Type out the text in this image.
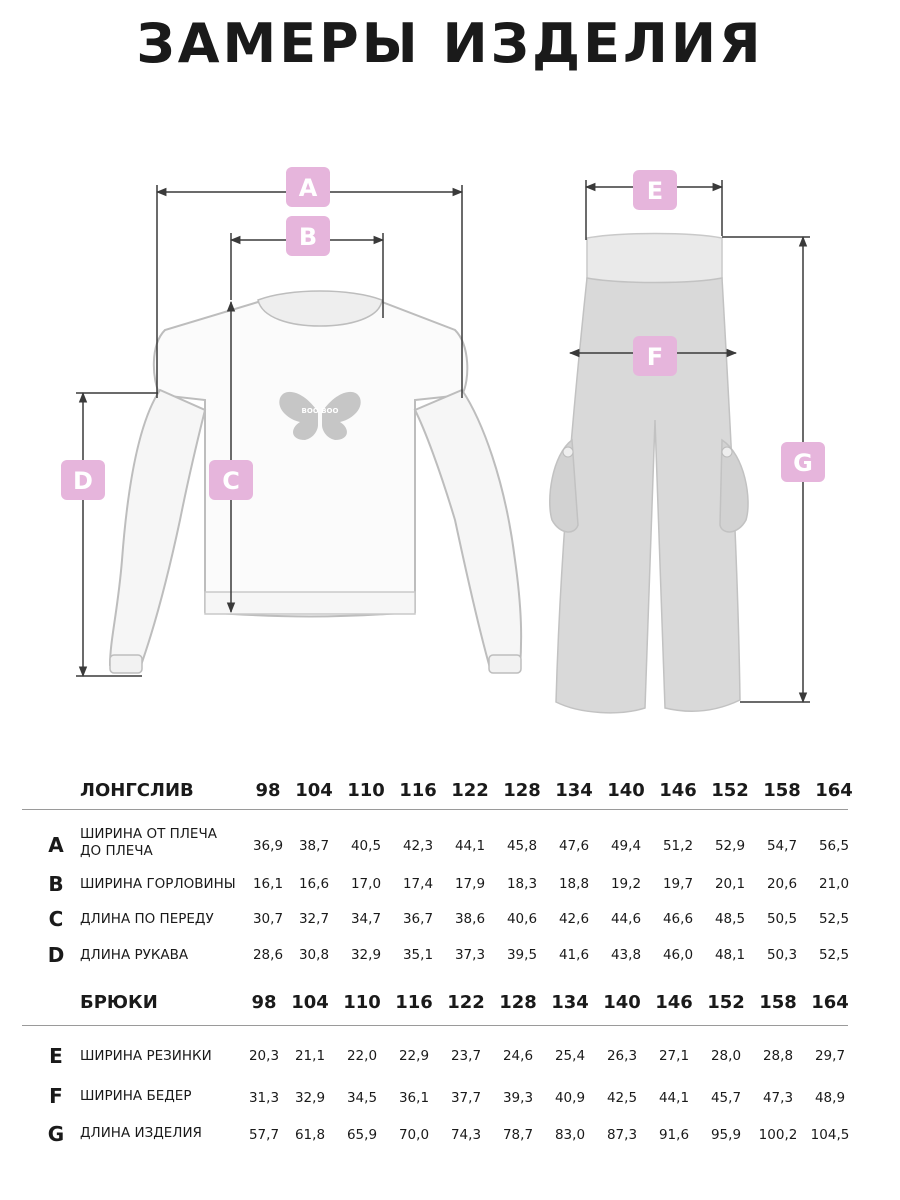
ЗАМЕРЫ ИЗДЕЛИЯ
BOO BOO
A
B
C
D
E
F
G
ЛОНГСЛИВ	98 104 110 116 122 128 134 140 146 152 158 164
A	ШИРИНА ОТ ПЛЕЧА
ДО ПЛЕЧА	36,9	38,7	40,5	42,3	44,1	45,8	47,6	49,4	51,2	52,9	54,7	56,5
B	ШИРИНА ГОРЛОВИНЫ	16,1	16,6	17,0	17,4	17,9	18,3	18,8	19,2	19,7	20,1	20,6	21,0
C	ДЛИНА ПО ПЕРЕДУ	30,7	32,7	34,7	36,7	38,6	40,6	42,6	44,6	46,6	48,5	50,5	52,5
D ДЛИНА РУКАВА	28,6	30,8	32,9	35,1	37,3	39,5	41,6	43,8	46,0	48,1	50,3	52,5
БРЮКИ	98 104 110 116 122 128 134 140 146 152 158 164
E	ШИРИНА РЕЗИНКИ	20,3	21,1	22,0	22,9	23,7	24,6	25,4	26,3	27,1	28,0	28,8	29,7
F	ШИРИНА БЕДЕР	31,3	32,9	34,5	36,1	37,7	39,3	40,9	42,5	44,1	45,7	47,3	48,9
G ДЛИНА ИЗДЕЛИЯ	57,7	61,8	65,9	70,0	74,3	78,7	83,0	87,3	91,6	95,9	100,2 104,5
